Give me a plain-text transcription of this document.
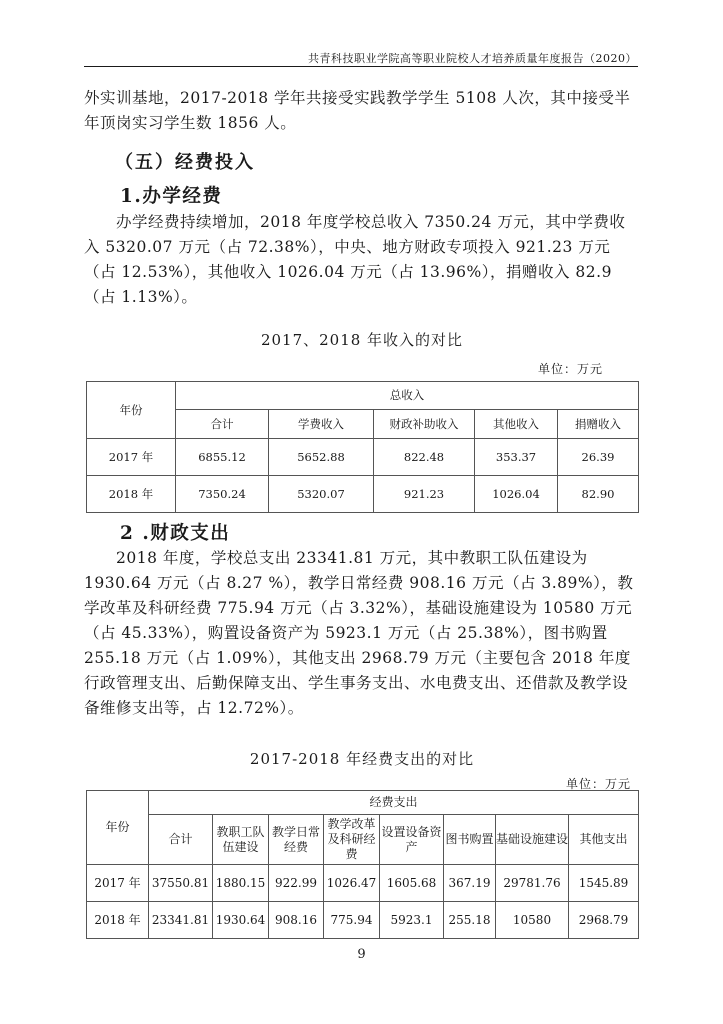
共青科技职业学院高等职业院校人才培养质量年度报告（2020）

外实训基地，2017-2018 学年共接受实践教学学生 5108 人次，其中接受半年顶岗实习学生数 1856 人。

（五）经费投入

1.办学经费

办学经费持续增加，2018 年度学校总收入 7350.24 万元，其中学费收入 5320.07 万元（占 72.38%），中央、地方财政专项投入 921.23 万元（占 12.53%），其他收入 1026.04 万元（占 13.96%），捐赠收入 82.9（占 1.13%）。

2017、2018 年收入的对比

单位：万元
年份	总收入				
	合计	学费收入	财政补助收入	其他收入	捐赠收入
2017 年	6855.12	5652.88	822.48	353.37	26.39
2018 年	7350.24	5320.07	921.23	1026.04	82.90

2 .财政支出

2018 年度，学校总支出 23341.81 万元，其中教职工队伍建设为 1930.64 万元（占 8.27 %），教学日常经费 908.16 万元（占 3.89%），教学改革及科研经费 775.94 万元（占 3.32%），基础设施建设为 10580 万元（占 45.33%），购置设备资产为 5923.1 万元（占 25.38%），图书购置 255.18 万元（占 1.09%），其他支出 2968.79 万元（主要包含 2018 年度行政管理支出、后勤保障支出、学生事务支出、水电费支出、还借款及教学设备维修支出等，占 12.72%）。

2017-2018 年经费支出的对比

单位：万元
年份	经费支出							
	合计	教职工队伍建设	教学日常经费	教学改革及科研经费	设置设备资产	图书购置	基础设施建设	其他支出
2017 年	37550.81	1880.15	922.99	1026.47	1605.68	367.19	29781.76	1545.89
2018 年	23341.81	1930.64	908.16	775.94	5923.1	255.18	10580	2968.79
9
